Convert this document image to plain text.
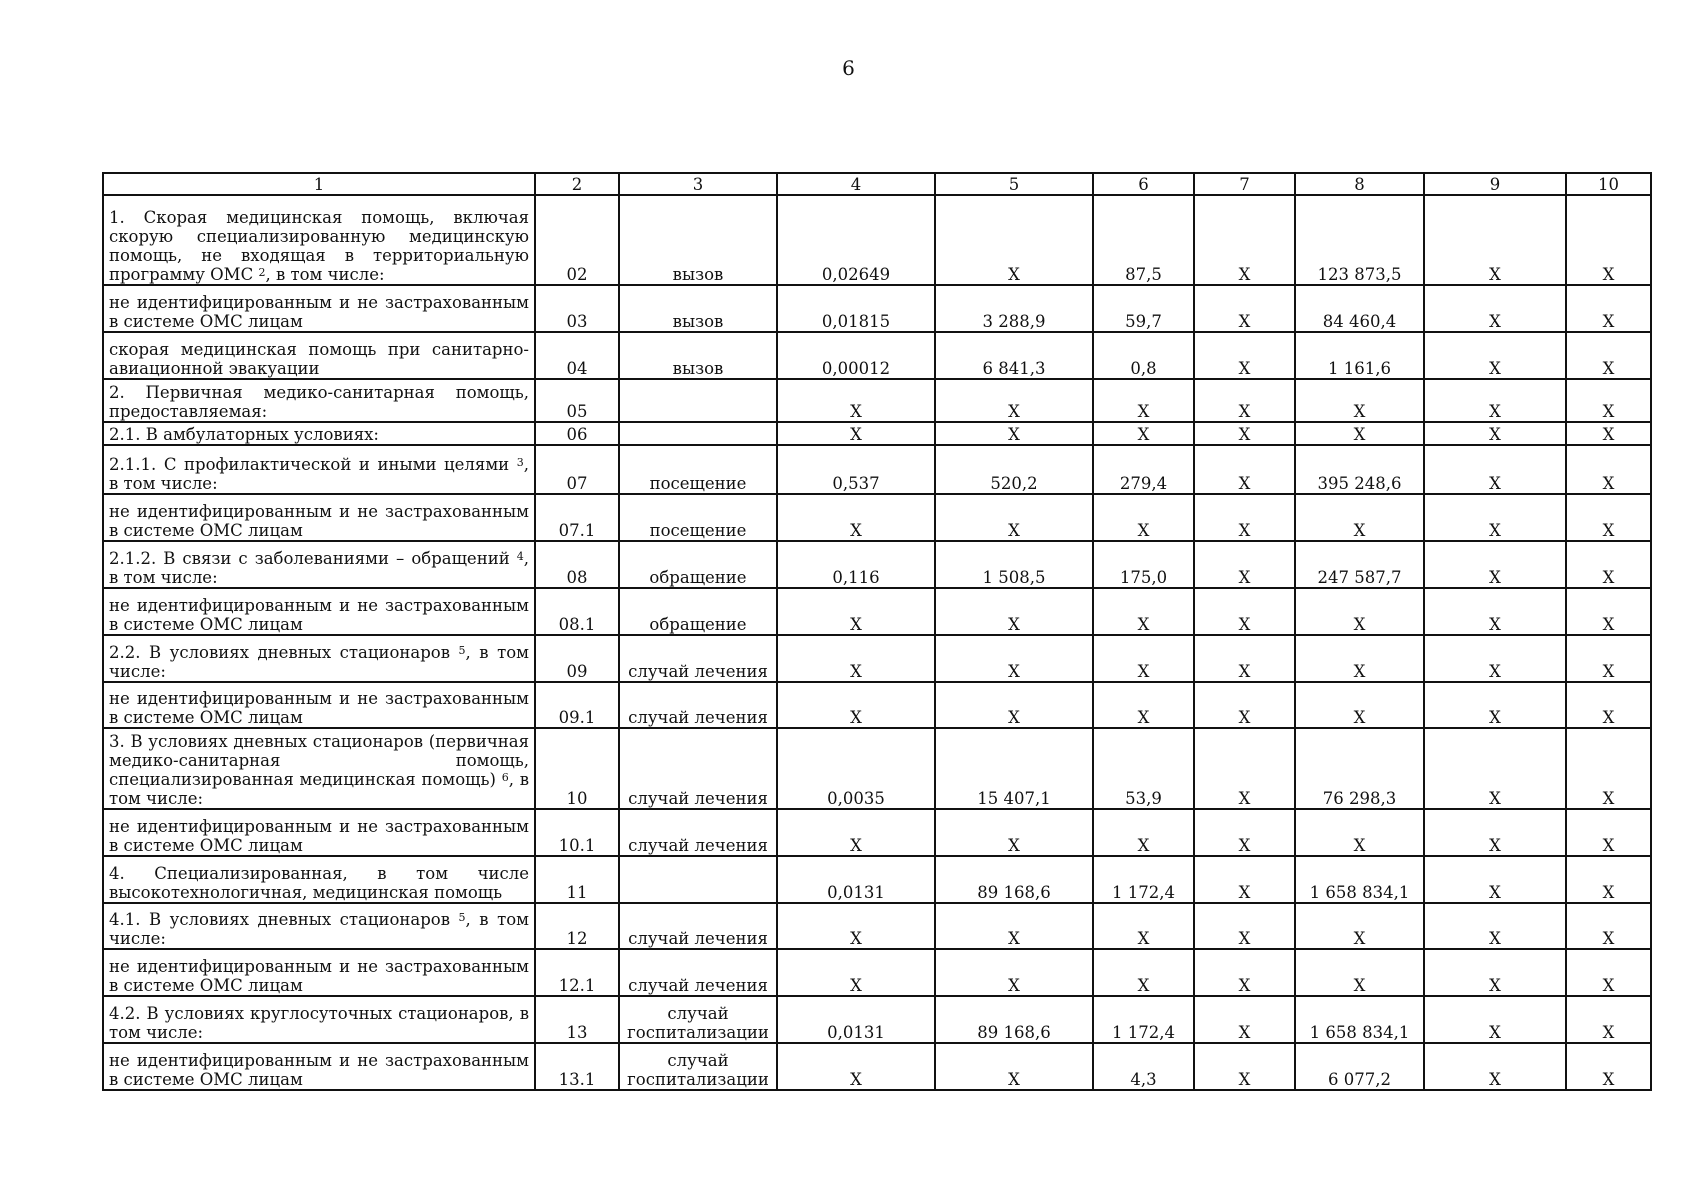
6
1	2	3	4	5	6	7	8	9	10
1. Скорая медицинская помощь, включая скорую специализированную медицинскую помощь, не входящая в территориальную программу ОМС $^2$, в том числе:	02	вызов	0,02649	X	87,5	X	123 873,5	X	X
не идентифицированным и не застрахованным в системе ОМС лицам	03	вызов	0,01815	3 288,9	59,7	X	84 460,4	X	X
скорая медицинская помощь при санитарно-авиационной эвакуации	04	вызов	0,00012	6 841,3	0,8	X	1 161,6	X	X
2. Первичная медико-санитарная помощь, предоставляемая:	05		X	X	X	X	X	X	X
2.1. В амбулаторных условиях:	06		X	X	X	X	X	X	X
2.1.1. С профилактической и иными целями $^3$, в том числе:	07	посещение	0,537	520,2	279,4	X	395 248,6	X	X
не идентифицированным и не застрахованным в системе ОМС лицам	07.1	посещение	X	X	X	X	X	X	X
2.1.2. В связи с заболеваниями – обращений $^4$, в том числе:	08	обращение	0,116	1 508,5	175,0	X	247 587,7	X	X
не идентифицированным и не застрахованным в системе ОМС лицам	08.1	обращение	X	X	X	X	X	X	X
2.2. В условиях дневных стационаров $^5$, в том числе:	09	случай лечения	X	X	X	X	X	X	X
не идентифицированным и не застрахованным в системе ОМС лицам	09.1	случай лечения	X	X	X	X	X	X	X
3. В условиях дневных стационаров (первичная медико-санитарная помощь, специализированная медицинская помощь) $^6$, в том числе:	10	случай лечения	0,0035	15 407,1	53,9	X	76 298,3	X	X
не идентифицированным и не застрахованным в системе ОМС лицам	10.1	случай лечения	X	X	X	X	X	X	X
4. Специализированная, в том числе высокотехнологичная, медицинская помощь	11		0,0131	89 168,6	1 172,4	X	1 658 834,1	X	X
4.1. В условиях дневных стационаров $^5$, в том числе:	12	случай лечения	X	X	X	X	X	X	X
не идентифицированным и не застрахованным в системе ОМС лицам	12.1	случай лечения	X	X	X	X	X	X	X
4.2. В условиях круглосуточных стационаров, в том числе:	13	случай госпитализации	0,0131	89 168,6	1 172,4	X	1 658 834,1	X	X
не идентифицированным и не застрахованным в системе ОМС лицам	13.1	случай госпитализации	X	X	4,3	X	6 077,2	X	X
